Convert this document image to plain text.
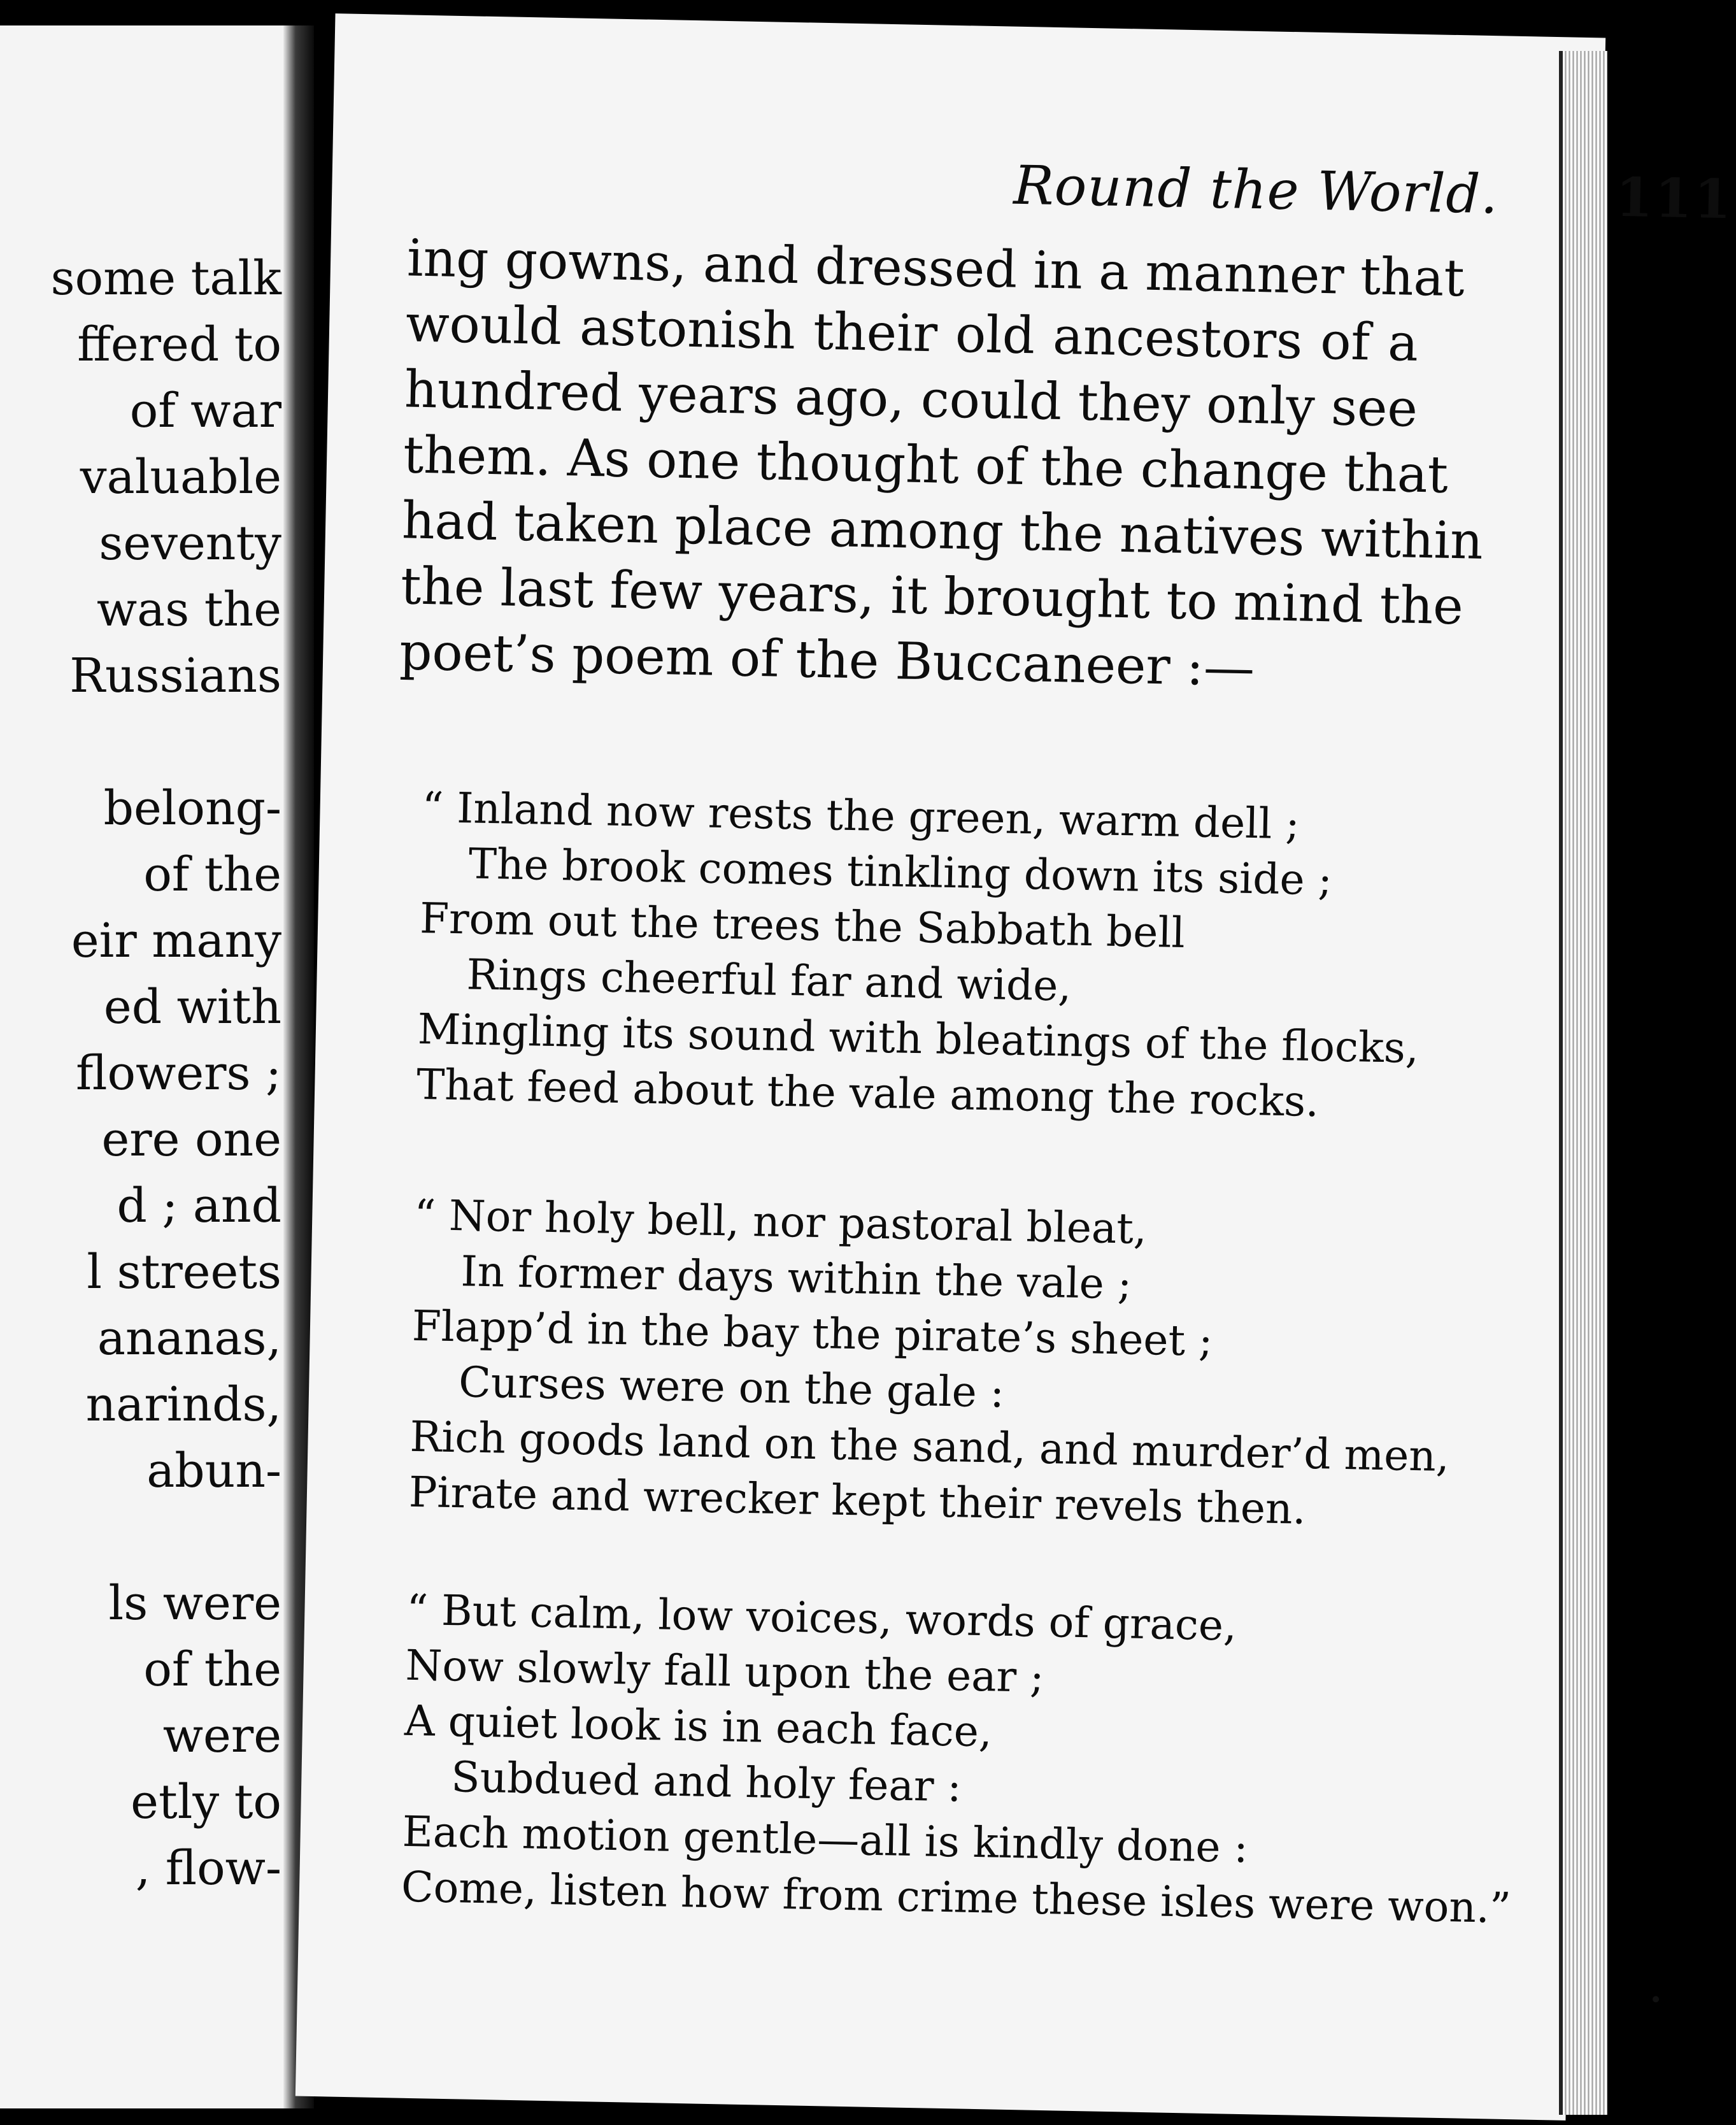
some talk
ffered to
of war
valuable
seventy
was the
Russians
belong-
of the
eir many
ed with
flowers ;
ere one
d ; and
l streets
ananas,
narinds,
abun-
ls were
of the
were
etly to
, flow-
Round the World. 111
ing gowns, and dressed in a manner that
would astonish their old ancestors of a
hundred years ago, could they only see
them. As one thought of the change that
had taken place among the natives within
the last few years, it brought to mind the
poet’s poem of the Buccaneer :—
“ Inland now rests the green, warm dell ;
The brook comes tinkling down its side ;
From out the trees the Sabbath bell
Rings cheerful far and wide,
Mingling its sound with bleatings of the flocks,
That feed about the vale among the rocks.
“ Nor holy bell, nor pastoral bleat,
In former days within the vale ;
Flapp’d in the bay the pirate’s sheet ;
Curses were on the gale :
Rich goods land on the sand, and murder’d men,
Pirate and wrecker kept their revels then.
“ But calm, low voices, words of grace,
Now slowly fall upon the ear ;
A quiet look is in each face,
Subdued and holy fear :
Each motion gentle—all is kindly done :
Come, listen how from crime these isles were won.”
